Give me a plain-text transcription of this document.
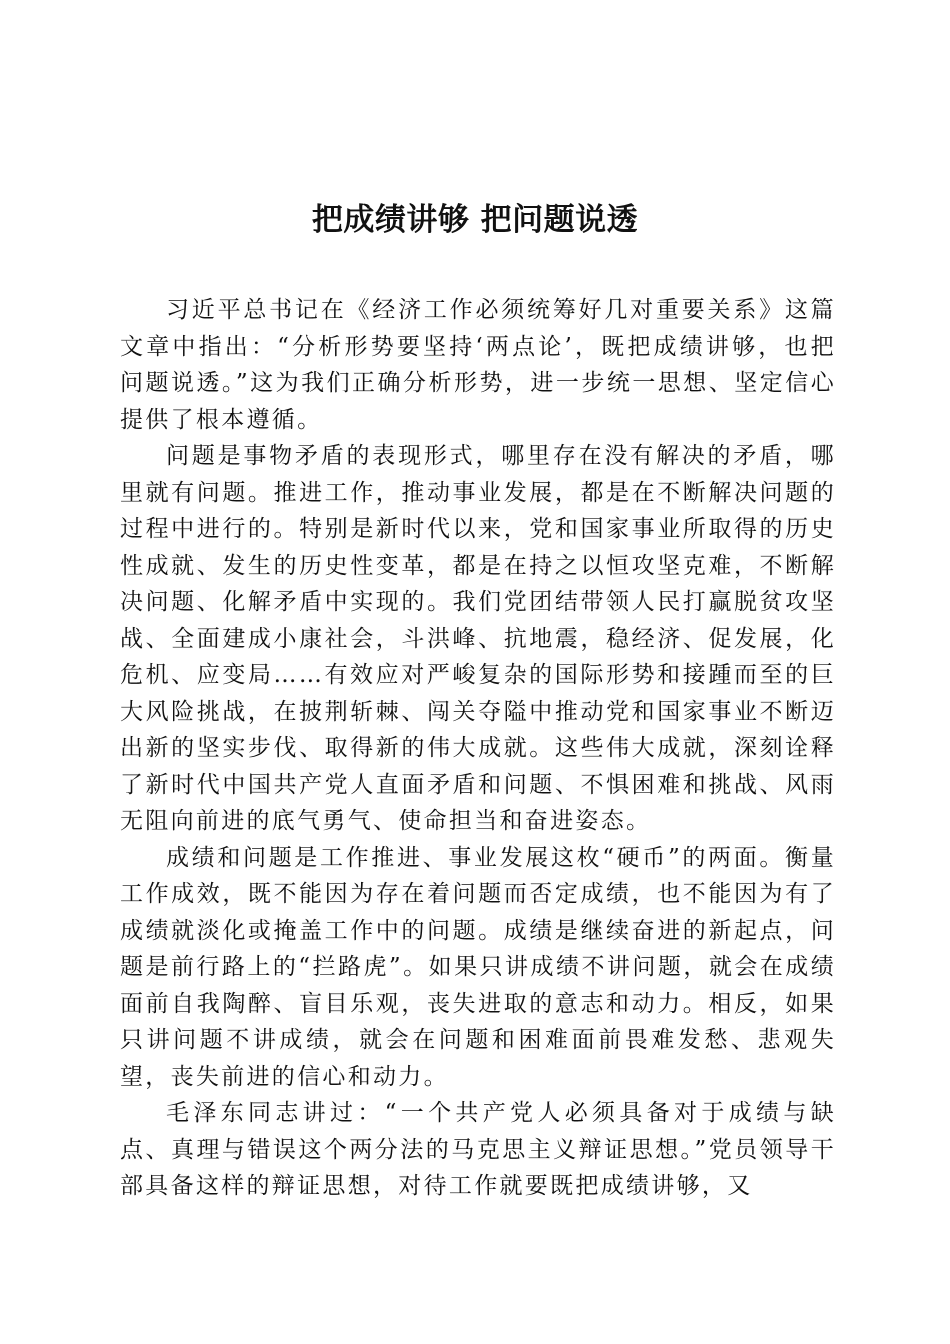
把成绩讲够 把问题说透

习近平总书记在《经济工作必须统筹好几对重要关系》这篇文章中指出：“分析形势要坚持‘两点论’，既把成绩讲够，也把问题说透。”这为我们正确分析形势，进一步统一思想、坚定信心提供了根本遵循。

问题是事物矛盾的表现形式，哪里存在没有解决的矛盾，哪里就有问题。推进工作，推动事业发展，都是在不断解决问题的过程中进行的。特别是新时代以来，党和国家事业所取得的历史性成就、发生的历史性变革，都是在持之以恒攻坚克难，不断解决问题、化解矛盾中实现的。我们党团结带领人民打赢脱贫攻坚战、全面建成小康社会，斗洪峰、抗地震，稳经济、促发展，化危机、应变局……有效应对严峻复杂的国际形势和接踵而至的巨大风险挑战，在披荆斩棘、闯关夺隘中推动党和国家事业不断迈出新的坚实步伐、取得新的伟大成就。这些伟大成就，深刻诠释了新时代中国共产党人直面矛盾和问题、不惧困难和挑战、风雨无阻向前进的底气勇气、使命担当和奋进姿态。

成绩和问题是工作推进、事业发展这枚“硬币”的两面。衡量工作成效，既不能因为存在着问题而否定成绩，也不能因为有了成绩就淡化或掩盖工作中的问题。成绩是继续奋进的新起点，问题是前行路上的“拦路虎”。如果只讲成绩不讲问题，就会在成绩面前自我陶醉、盲目乐观，丧失进取的意志和动力。相反，如果只讲问题不讲成绩，就会在问题和困难面前畏难发愁、悲观失望，丧失前进的信心和动力。

毛泽东同志讲过：“一个共产党人必须具备对于成绩与缺点、真理与错误这个两分法的马克思主义辩证思想。”党员领导干部具备这样的辩证思想，对待工作就要既把成绩讲够，又
